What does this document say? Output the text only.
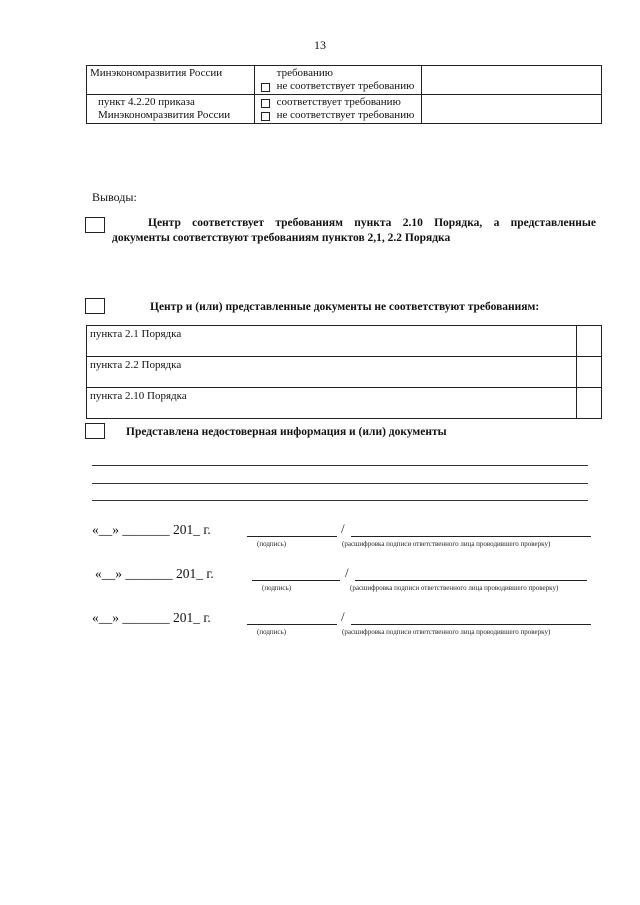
13
Минэкономразвития России	требованию
не соответствует требованию	

пункт 4.2.20 приказа Минэкономразвития России	соответствует требованию
не соответствует требованию	

Выводы:
Центр соответствует требованиям пункта 2.10 Порядка, а представленные документы соответствуют требованиям пунктов 2,1, 2.2 Порядка
Центр и (или) представленные документы не соответствуют требованиям:
пункта 2.1 Порядка	
пункта 2.2 Порядка	
пункта 2.10 Порядка	
Представлена недостоверная информация и (или) документы
«__» _______ 201_ г.	/
(подпись)	(расшифровка подписи ответственного лица проводившего проверку)
«__» _______ 201_ г.	/
(подпись)	(расшифровка подписи ответственного лица проводившего проверку)
«__» _______ 201_ г.	/
(подпись)	(расшифровка подписи ответственного лица проводившего проверку)
